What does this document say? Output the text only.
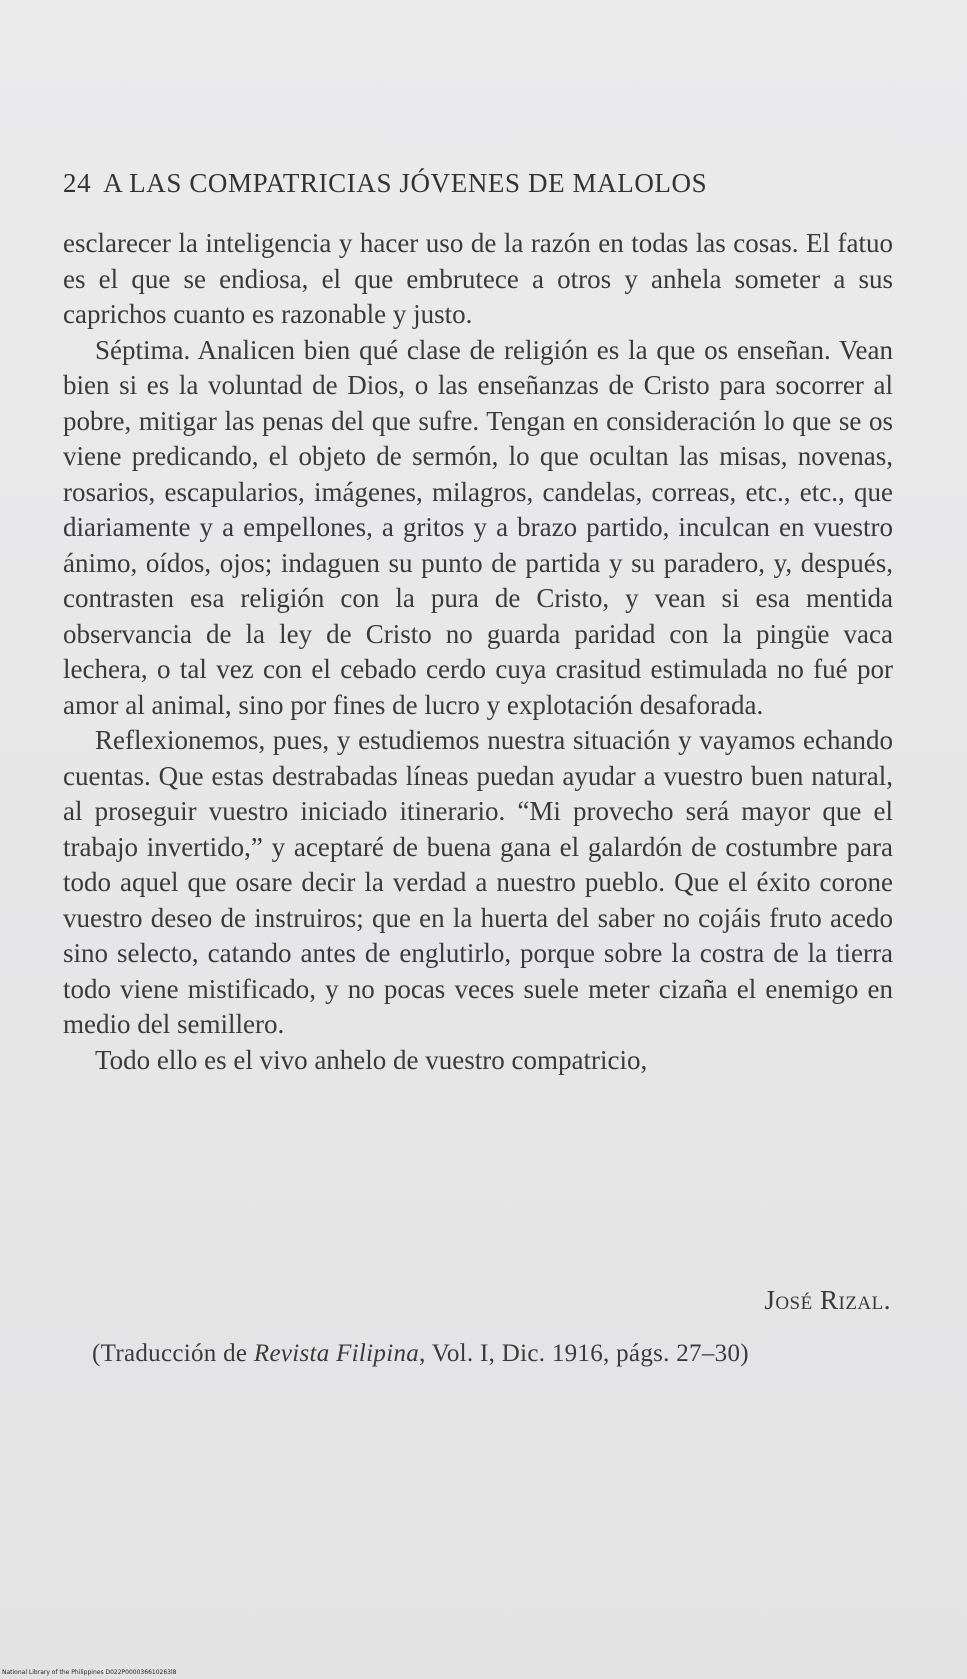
24 A LAS COMPATRICIAS JÓVENES DE MALOLOS

esclarecer la inteligencia y hacer uso de la razón en todas las cosas. El fatuo es el que se endiosa, el que embrutece a otros y anhela someter a sus caprichos cuanto es razonable y justo.

Séptima. Analicen bien qué clase de religión es la que os enseñan. Vean bien si es la voluntad de Dios, o las enseñanzas de Cristo para socorrer al pobre, mitigar las penas del que sufre. Tengan en consideración lo que se os viene predicando, el objeto de sermón, lo que ocultan las misas, novenas, rosarios, escapularios, imágenes, milagros, candelas, correas, etc., etc., que diariamente y a empellones, a gritos y a brazo partido, inculcan en vuestro ánimo, oídos, ojos; indaguen su punto de partida y su paradero, y, después, contrasten esa religión con la pura de Cristo, y vean si esa mentida observancia de la ley de Cristo no guarda paridad con la pingüe vaca lechera, o tal vez con el cebado cerdo cuya crasitud estimulada no fué por amor al animal, sino por fines de lucro y explotación desaforada.

Reflexionemos, pues, y estudiemos nuestra situación y vayamos echando cuentas. Que estas destrabadas líneas puedan ayudar a vuestro buen natural, al proseguir vuestro iniciado itinerario. “Mi provecho será mayor que el trabajo invertido,” y aceptaré de buena gana el galardón de costumbre para todo aquel que osare decir la verdad a nuestro pueblo. Que el éxito corone vuestro deseo de instruiros; que en la huerta del saber no cojáis fruto acedo sino selecto, catando antes de englutirlo, porque sobre la costra de la tierra todo viene mistificado, y no pocas veces suele meter cizaña el enemigo en medio del semillero.

Todo ello es el vivo anhelo de vuestro compatricio,

José Rizal.
(Traducción de Revista Filipina, Vol. I, Dic. 1916, págs. 27–30)
National Library of the Philippines D022P000036610263l8
